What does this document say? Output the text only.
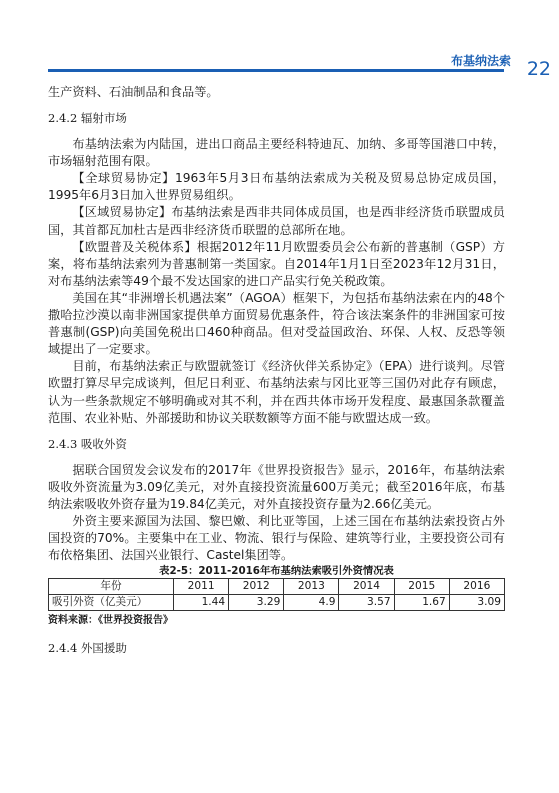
布基纳法索 22

生产资料、石油制品和食品等。

2.4.2 辐射市场

布基纳法索为内陆国，进出口商品主要经科特迪瓦、加纳、多哥等国港口中转，市场辐射范围有限。

【全球贸易协定】1963年5月3日布基纳法索成为关税及贸易总协定成员国，1995年6月3日加入世界贸易组织。

【区域贸易协定】布基纳法索是西非共同体成员国，也是西非经济货币联盟成员国，其首都瓦加杜古是西非经济货币联盟的总部所在地。

【欧盟普及关税体系】根据2012年11月欧盟委员会公布新的普惠制（GSP）方案，将布基纳法索列为普惠制第一类国家。自2014年1月1日至2023年12月31日，对布基纳法索等49个最不发达国家的进口产品实行免关税政策。

美国在其“非洲增长机遇法案”（AGOA）框架下，为包括布基纳法索在内的48个撒哈拉沙漠以南非洲国家提供单方面贸易优惠条件，符合该法案条件的非洲国家可按普惠制(GSP)向美国免税出口460种商品。但对受益国政治、环保、人权、反恐等领域提出了一定要求。

目前，布基纳法索正与欧盟就签订《经济伙伴关系协定》（EPA）进行谈判。尽管欧盟打算尽早完成谈判，但尼日利亚、布基纳法索与冈比亚等三国仍对此存有顾虑，认为一些条款规定不够明确或对其不利，并在西共体市场开发程度、最惠国条款覆盖范围、农业补贴、外部援助和协议关联数额等方面不能与欧盟达成一致。

2.4.3 吸收外资

据联合国贸发会议发布的2017年《世界投资报告》显示，2016年，布基纳法索吸收外资流量为3.09亿美元，对外直接投资流量600万美元；截至2016年底，布基纳法索吸收外资存量为19.84亿美元，对外直接投资存量为2.66亿美元。

外资主要来源国为法国、黎巴嫩、利比亚等国，上述三国在布基纳法索投资占外国投资的70%。主要集中在工业、物流、银行与保险、建筑等行业，主要投资公司有布依格集团、法国兴业银行、Castel集团等。

表2-5：2011-2016年布基纳法索吸引外资情况表

年份	2011	2012	2013	2014	2015	2016
吸引外资（亿美元）	1.44	3.29	4.9	3.57	1.67	3.09

资料来源：《世界投资报告》

2.4.4 外国援助
